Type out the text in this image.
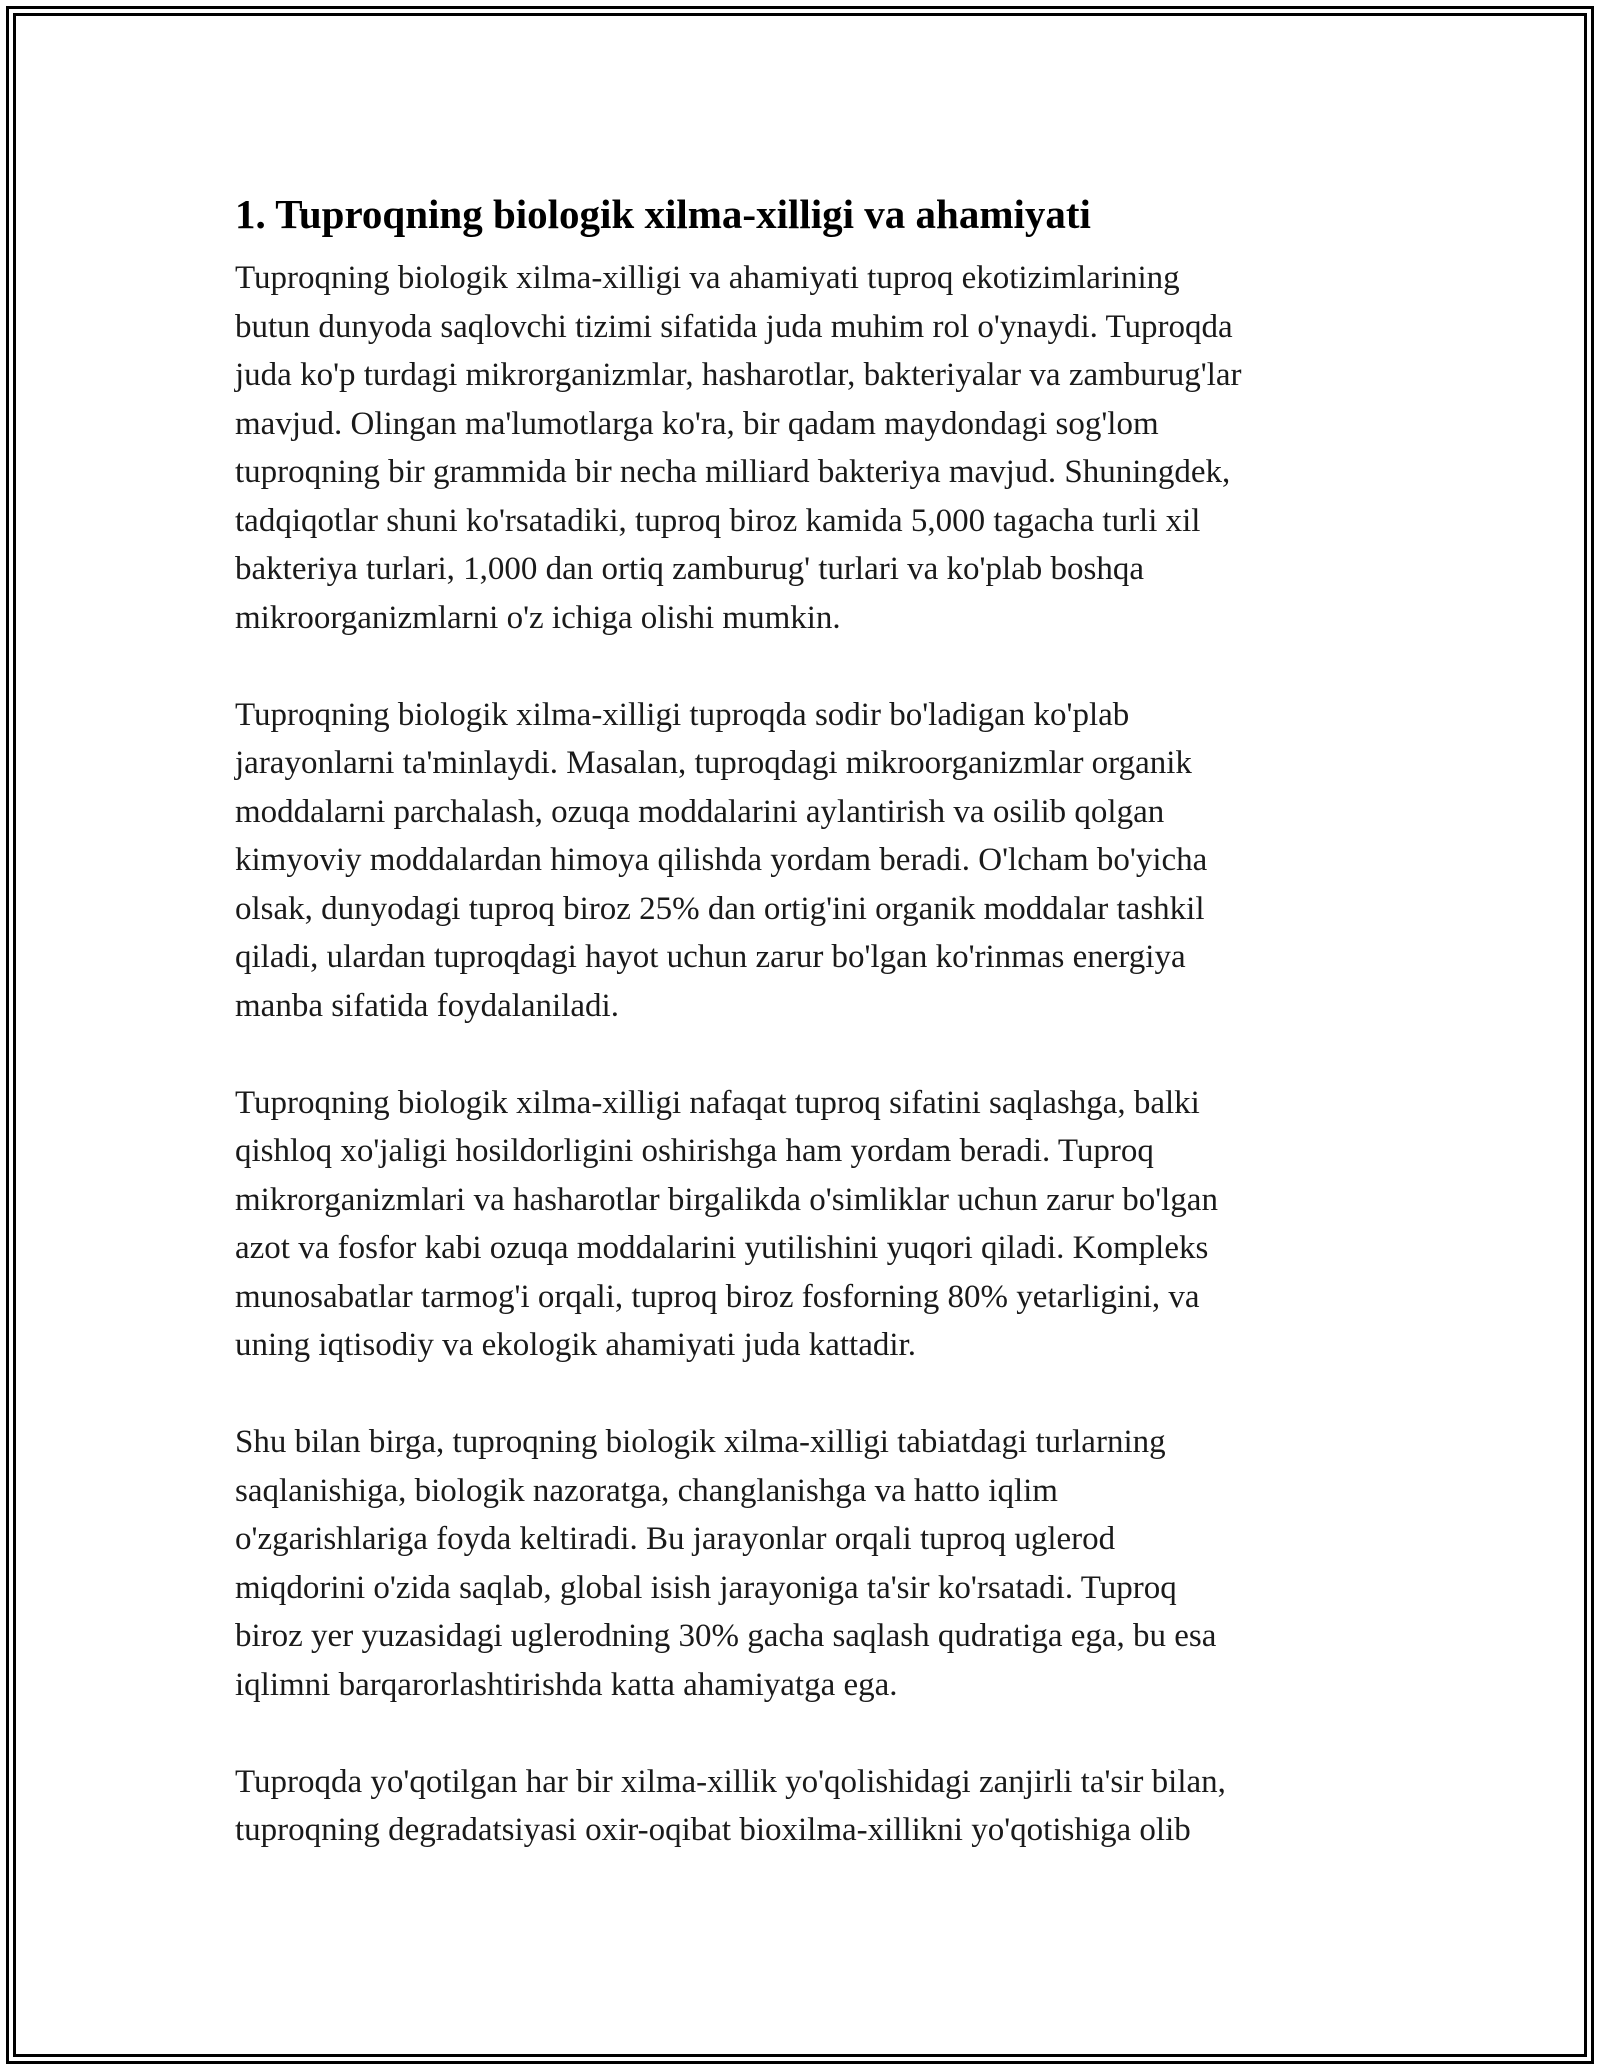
1. Tuproqning biologik xilma-xilligi va ahamiyati

Tuproqning biologik xilma-xilligi va ahamiyati tuproq ekotizimlarining
butun dunyoda saqlovchi tizimi sifatida juda muhim rol o'ynaydi. Tuproqda
juda ko'p turdagi mikrorganizmlar, hasharotlar, bakteriyalar va zamburug'lar
mavjud. Olingan ma'lumotlarga ko'ra, bir qadam maydondagi sog'lom
tuproqning bir grammida bir necha milliard bakteriya mavjud. Shuningdek,
tadqiqotlar shuni ko'rsatadiki, tuproq biroz kamida 5,000 tagacha turli xil
bakteriya turlari, 1,000 dan ortiq zamburug' turlari va ko'plab boshqa
mikroorganizmlarni o'z ichiga olishi mumkin.

Tuproqning biologik xilma-xilligi tuproqda sodir bo'ladigan ko'plab
jarayonlarni ta'minlaydi. Masalan, tuproqdagi mikroorganizmlar organik
moddalarni parchalash, ozuqa moddalarini aylantirish va osilib qolgan
kimyoviy moddalardan himoya qilishda yordam beradi. O'lcham bo'yicha
olsak, dunyodagi tuproq biroz 25% dan ortig'ini organik moddalar tashkil
qiladi, ulardan tuproqdagi hayot uchun zarur bo'lgan ko'rinmas energiya
manba sifatida foydalaniladi.

Tuproqning biologik xilma-xilligi nafaqat tuproq sifatini saqlashga, balki
qishloq xo'jaligi hosildorligini oshirishga ham yordam beradi. Tuproq
mikrorganizmlari va hasharotlar birgalikda o'simliklar uchun zarur bo'lgan
azot va fosfor kabi ozuqa moddalarini yutilishini yuqori qiladi. Kompleks
munosabatlar tarmog'i orqali, tuproq biroz fosforning 80% yetarligini, va
uning iqtisodiy va ekologik ahamiyati juda kattadir.

Shu bilan birga, tuproqning biologik xilma-xilligi tabiatdagi turlarning
saqlanishiga, biologik nazoratga, changlanishga va hatto iqlim
o'zgarishlariga foyda keltiradi. Bu jarayonlar orqali tuproq uglerod
miqdorini o'zida saqlab, global isish jarayoniga ta'sir ko'rsatadi. Tuproq
biroz yer yuzasidagi uglerodning 30% gacha saqlash qudratiga ega, bu esa
iqlimni barqarorlashtirishda katta ahamiyatga ega.

Tuproqda yo'qotilgan har bir xilma-xillik yo'qolishidagi zanjirli ta'sir bilan,
tuproqning degradatsiyasi oxir-oqibat bioxilma-xillikni yo'qotishiga olib
